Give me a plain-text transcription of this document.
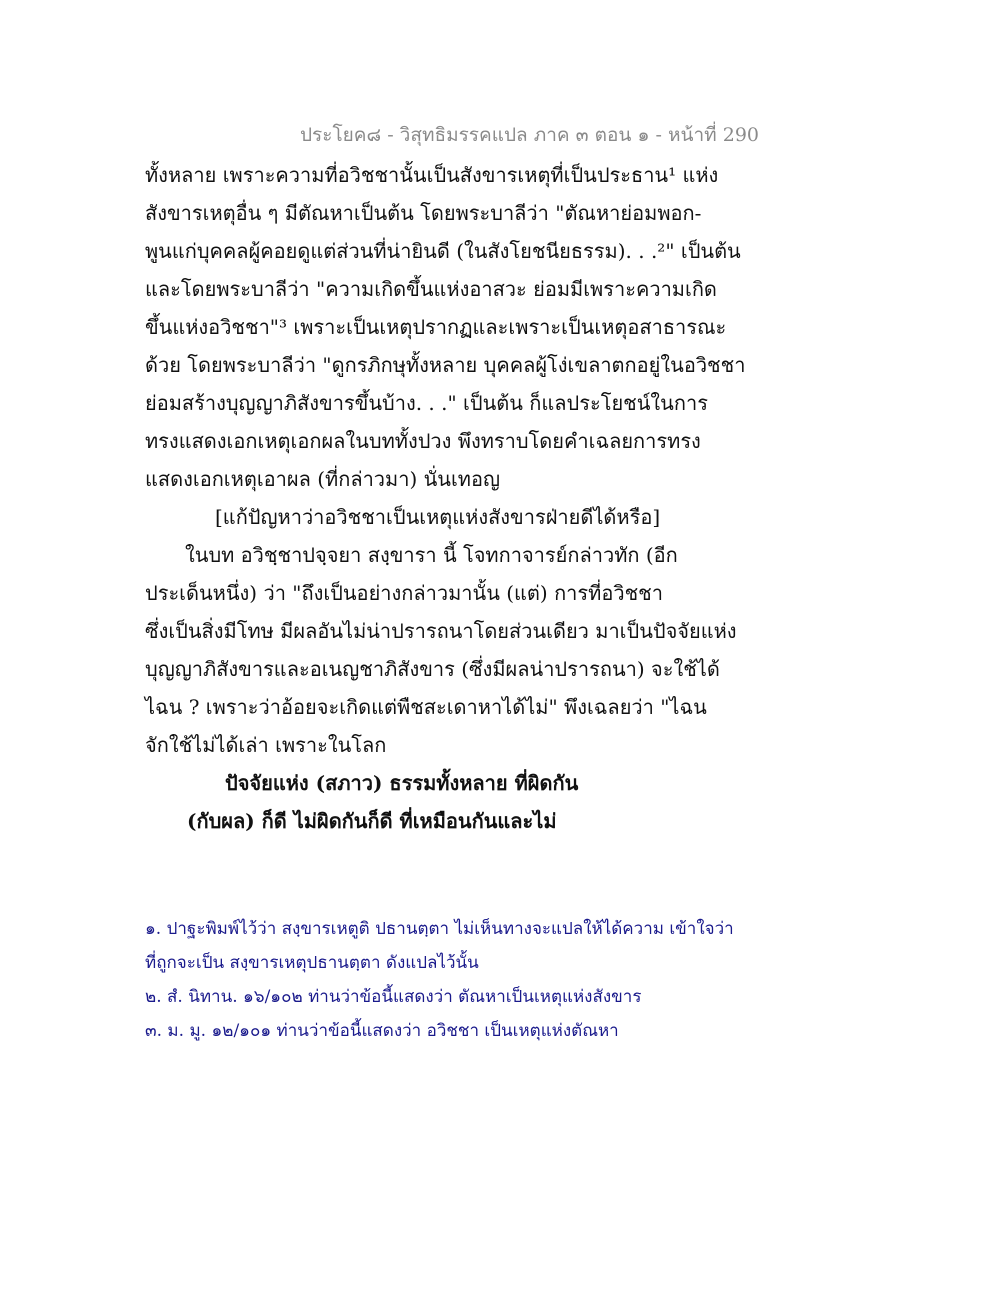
ประโยค๘ - วิสุทธิมรรคแปล ภาค ๓ ตอน ๑ - หน้าที่ 290
ทั้งหลาย เพราะความที่อวิชชานั้นเป็นสังขารเหตุที่เป็นประธาน¹ แห่ง
สังขารเหตุอื่น ๆ มีตัณหาเป็นต้น โดยพระบาลีว่า "ตัณหาย่อมพอก-
พูนแก่บุคคลผู้คอยดูแต่ส่วนที่น่ายินดี (ในสังโยชนียธรรม). . .²" เป็นต้น
และโดยพระบาลีว่า "ความเกิดขึ้นแห่งอาสวะ ย่อมมีเพราะความเกิด
ขึ้นแห่งอวิชชา"³ เพราะเป็นเหตุปรากฏและเพราะเป็นเหตุอสาธารณะ
ด้วย โดยพระบาลีว่า "ดูกรภิกษุทั้งหลาย บุคคลผู้โง่เขลาตกอยู่ในอวิชชา
ย่อมสร้างบุญญาภิสังขารขึ้นบ้าง. . ." เป็นต้น ก็แลประโยชน์ในการ
ทรงแสดงเอกเหตุเอกผลในบททั้งปวง พึงทราบโดยคำเฉลยการทรง
แสดงเอกเหตุเอาผล (ที่กล่าวมา) นั่นเทอญ
[แก้ปัญหาว่าอวิชชาเป็นเหตุแห่งสังขารฝ่ายดีได้หรือ]
ในบท อวิชฺชาปจฺจยา สงฺขารา นี้ โจทกาจารย์กล่าวทัก (อีก
ประเด็นหนึ่ง) ว่า "ถึงเป็นอย่างกล่าวมานั้น (แต่) การที่อวิชชา
ซึ่งเป็นสิ่งมีโทษ มีผลอันไม่น่าปรารถนาโดยส่วนเดียว มาเป็นปัจจัยแห่ง
บุญญาภิสังขารและอเนญชาภิสังขาร (ซึ่งมีผลน่าปรารถนา) จะใช้ได้
ไฉน ? เพราะว่าอ้อยจะเกิดแต่พืชสะเดาหาได้ไม่" พึงเฉลยว่า "ไฉน
จักใช้ไม่ได้เล่า เพราะในโลก
ปัจจัยแห่ง (สภาว) ธรรมทั้งหลาย ที่ผิดกัน
(กับผล) ก็ดี ไม่ผิดกันก็ดี ที่เหมือนกันและไม่
๑. ปาฐะพิมพ์ไว้ว่า สงฺขารเหตูติ ปธานตฺตา ไม่เห็นทางจะแปลให้ได้ความ เข้าใจว่า
ที่ถูกจะเป็น สงฺขารเหตุปธานตฺตา ดังแปลไว้นั้น
๒. สํ. นิทาน. ๑๖/๑๐๒ ท่านว่าข้อนี้แสดงว่า ตัณหาเป็นเหตุแห่งสังขาร
๓. ม. มู. ๑๒/๑๐๑ ท่านว่าข้อนี้แสดงว่า อวิชชา เป็นเหตุแห่งตัณหา
